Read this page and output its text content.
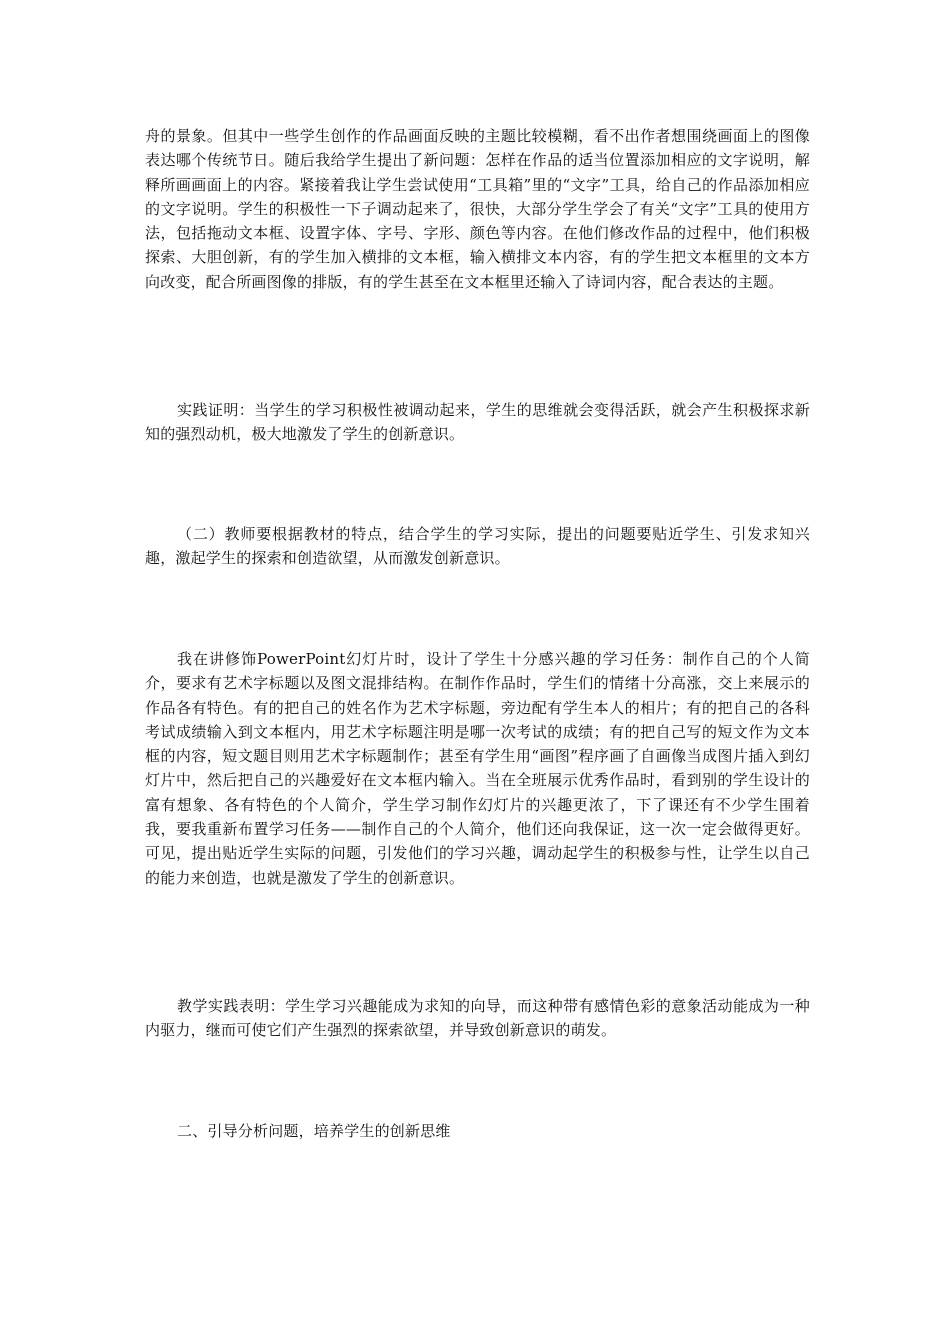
舟的景象。但其中一些学生创作的作品画面反映的主题比较模糊，看不出作者想围绕画面上的图像表达哪个传统节日。随后我给学生提出了新问题：怎样在作品的适当位置添加相应的文字说明，解释所画画面上的内容。紧接着我让学生尝试使用“工具箱”里的“文字”工具，给自己的作品添加相应的文字说明。学生的积极性一下子调动起来了，很快，大部分学生学会了有关“文字”工具的使用方法，包括拖动文本框、设置字体、字号、字形、颜色等内容。在他们修改作品的过程中，他们积极探索、大胆创新，有的学生加入横排的文本框，输入横排文本内容，有的学生把文本框里的文本方向改变，配合所画图像的排版，有的学生甚至在文本框里还输入了诗词内容，配合表达的主题。

实践证明：当学生的学习积极性被调动起来，学生的思维就会变得活跃，就会产生积极探求新知的强烈动机，极大地激发了学生的创新意识。

（二）教师要根据教材的特点，结合学生的学习实际，提出的问题要贴近学生、引发求知兴趣，激起学生的探索和创造欲望，从而激发创新意识。

我在讲修饰PowerPoint幻灯片时，设计了学生十分感兴趣的学习任务：制作自己的个人简介，要求有艺术字标题以及图文混排结构。在制作作品时，学生们的情绪十分高涨，交上来展示的作品各有特色。有的把自己的姓名作为艺术字标题，旁边配有学生本人的相片；有的把自己的各科考试成绩输入到文本框内，用艺术字标题注明是哪一次考试的成绩；有的把自己写的短文作为文本框的内容，短文题目则用艺术字标题制作；甚至有学生用“画图”程序画了自画像当成图片插入到幻灯片中，然后把自己的兴趣爱好在文本框内输入。当在全班展示优秀作品时，看到别的学生设计的富有想象、各有特色的个人简介，学生学习制作幻灯片的兴趣更浓了，下了课还有不少学生围着我，要我重新布置学习任务——制作自己的个人简介，他们还向我保证，这一次一定会做得更好。可见，提出贴近学生实际的问题，引发他们的学习兴趣，调动起学生的积极参与性，让学生以自己的能力来创造，也就是激发了学生的创新意识。

教学实践表明：学生学习兴趣能成为求知的向导，而这种带有感情色彩的意象活动能成为一种内驱力，继而可使它们产生强烈的探索欲望，并导致创新意识的萌发。

二、引导分析问题，培养学生的创新思维
